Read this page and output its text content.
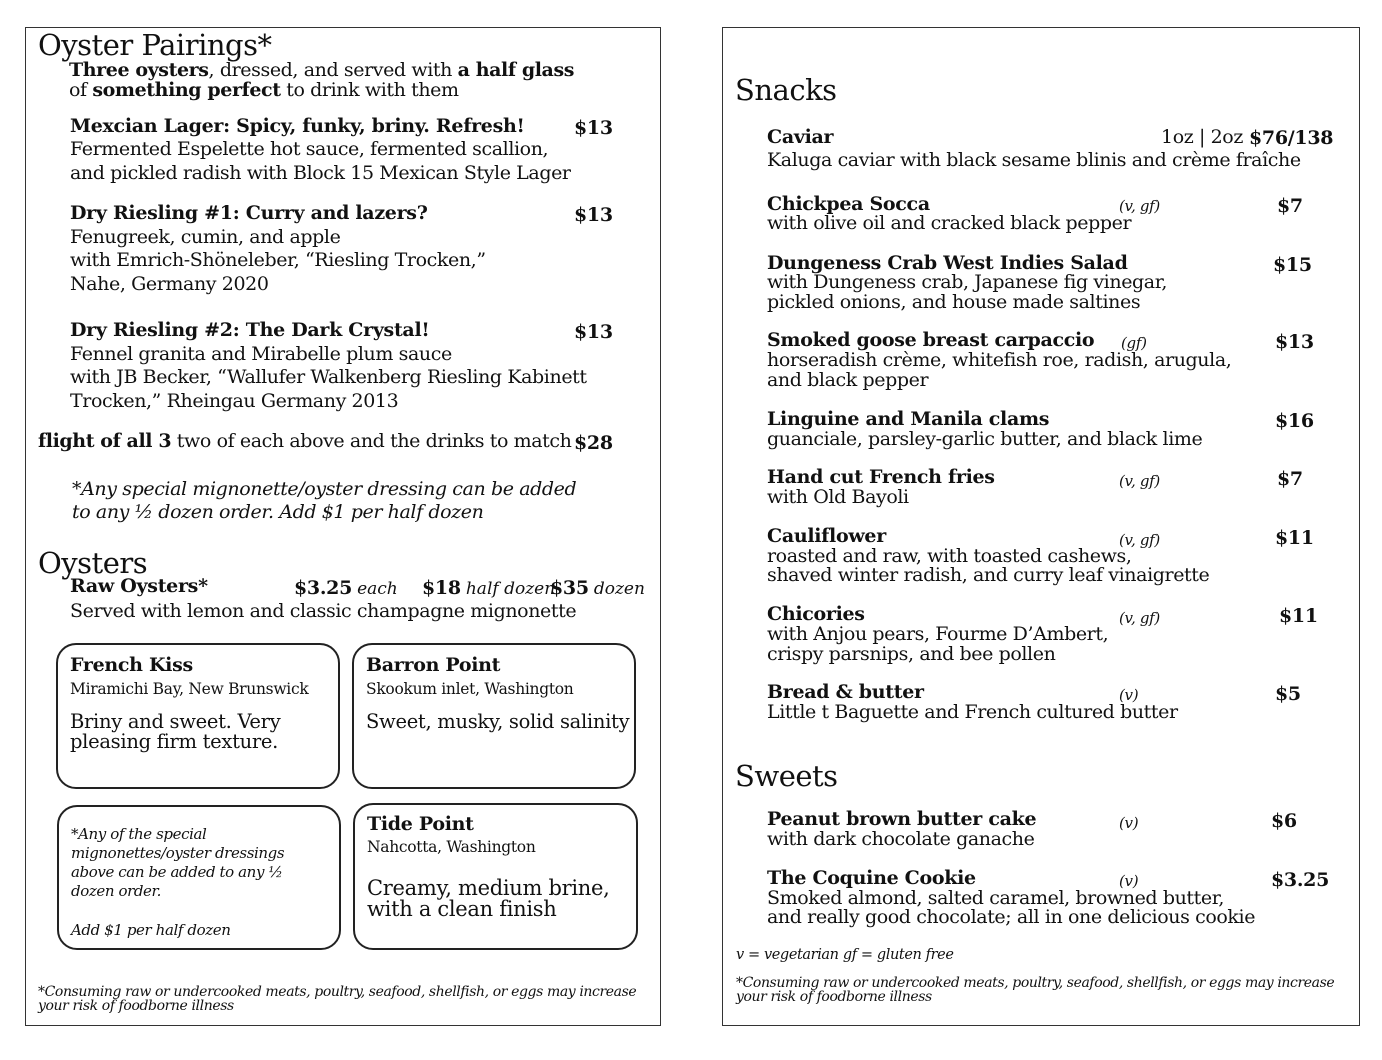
Oyster Pairings*
Three oysters, dressed, and served with a half glass
of something perfect to drink with them
Mexcian Lager: Spicy, funky, briny. Refresh!	$13
Fermented Espelette hot sauce, fermented scallion,
and pickled radish with Block 15 Mexican Style Lager
Dry Riesling #1: Curry and lazers?	$13
Fenugreek, cumin, and apple
with Emrich-Shöneleber, “Riesling Trocken,”
Nahe, Germany 2020
Dry Riesling #2: The Dark Crystal!	$13
Fennel granita and Mirabelle plum sauce
with JB Becker, “Wallufer Walkenberg Riesling Kabinett
Trocken,” Rheingau Germany 2013
flight of all 3 two of each above and the drinks to match $28
*Any special mignonette/oyster dressing can be added
to any ½ dozen order. Add $1 per half dozen
Oysters
Raw Oysters*	$3.25 each $18 half dozen
$35 dozen
Served with lemon and classic champagne mignonette
French Kiss
Miramichi Bay, New Brunswick
Briny and sweet. Very
pleasing firm texture.
Barron Point
Skookum inlet, Washington
Sweet, musky, solid salinity
*Any of the special
mignonettes/oyster dressings
above can be added to any ½
dozen order.
Add $1 per half dozen
Tide Point
Nahcotta, Washington
Creamy, medium brine,
with a clean finish
*Consuming raw or undercooked meats, poultry, seafood, shellfish, or eggs may increase
your risk of foodborne illness
Snacks
Caviar	1oz | 2oz $76/138
Kaluga caviar with black sesame blinis and crème fraîche
Chickpea Socca	(v, gf)	$7
with olive oil and cracked black pepper
Dungeness Crab West Indies Salad	$15
with Dungeness crab, Japanese fig vinegar,
pickled onions, and house made saltines
Smoked goose breast carpaccio (gf)	$13
horseradish crème, whitefish roe, radish, arugula,
and black pepper
Linguine and Manila clams	$16
guanciale, parsley-garlic butter, and black lime
Hand cut French fries	(v, gf)	$7
with Old Bayoli
Cauliflower	(v, gf)	$11
roasted and raw, with toasted cashews,
shaved winter radish, and curry leaf vinaigrette
Chicories	(v, gf)	$11
with Anjou pears, Fourme D’Ambert,
crispy parsnips, and bee pollen
Bread & butter	(v)	$5
Little t Baguette and French cultured butter
Sweets
Peanut brown butter cake	(v)	$6
with dark chocolate ganache
The Coquine Cookie	(v)	$3.25
Smoked almond, salted caramel, browned butter,
and really good chocolate; all in one delicious cookie
v = vegetarian gf = gluten free
*Consuming raw or undercooked meats, poultry, seafood, shellfish, or eggs may increase
your risk of foodborne illness
